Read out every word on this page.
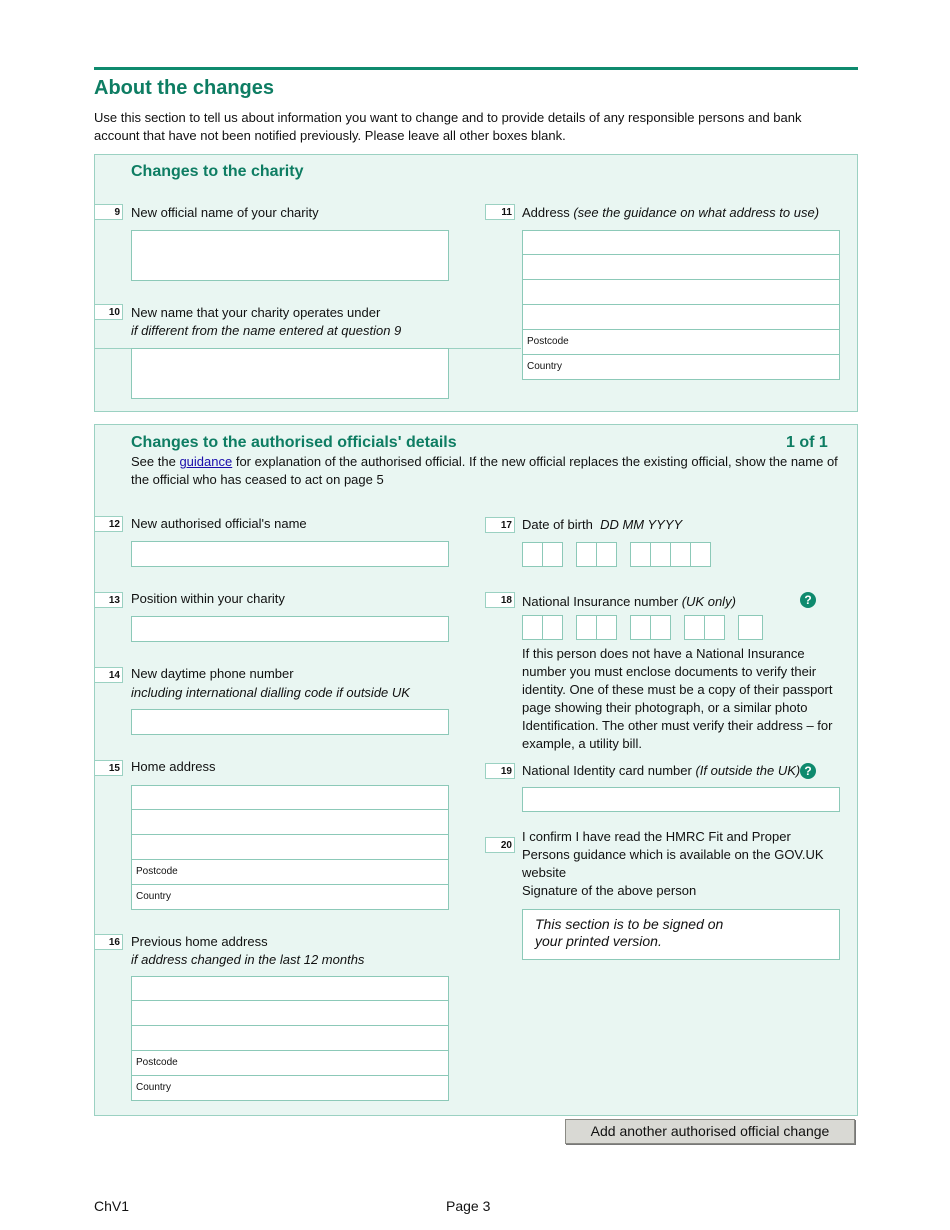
About the changes
Use this section to tell us about information you want to change and to provide details of any responsible persons and bank account that have not been notified previously. Please leave all other boxes blank.
Changes to the charity
9 New official name of your charity
10 New name that your charity operates under
if different from the name entered at question 9
11 Address (see the guidance on what address to use)
Postcode
Country
Changes to the authorised officials' details	1 of 1
See the guidance for explanation of the authorised official. If the new official replaces the existing official, show the name of the official who has ceased to act on page 5
12 New authorised official's name
13 Position within your charity
14 New daytime phone number
including international dialling code if outside UK
15 Home address
Postcode
Country
16 Previous home address
if address changed in the last 12 months
Postcode
Country
17 Date of birth DD MM YYYY
18 National Insurance number (UK only)	?
If this person does not have a National Insurance number you must enclose documents to verify their identity. One of these must be a copy of their passport page showing their photograph, or a similar photo Identification. The other must verify their address – for example, a utility bill.
19 National Identity card number (If outside the UK) ?
20
I confirm I have read the HMRC Fit and Proper Persons guidance which is available on the GOV.UK website
Signature of the above person
This section is to be signed on your printed version.
Add another authorised official change
ChV1	Page 3
